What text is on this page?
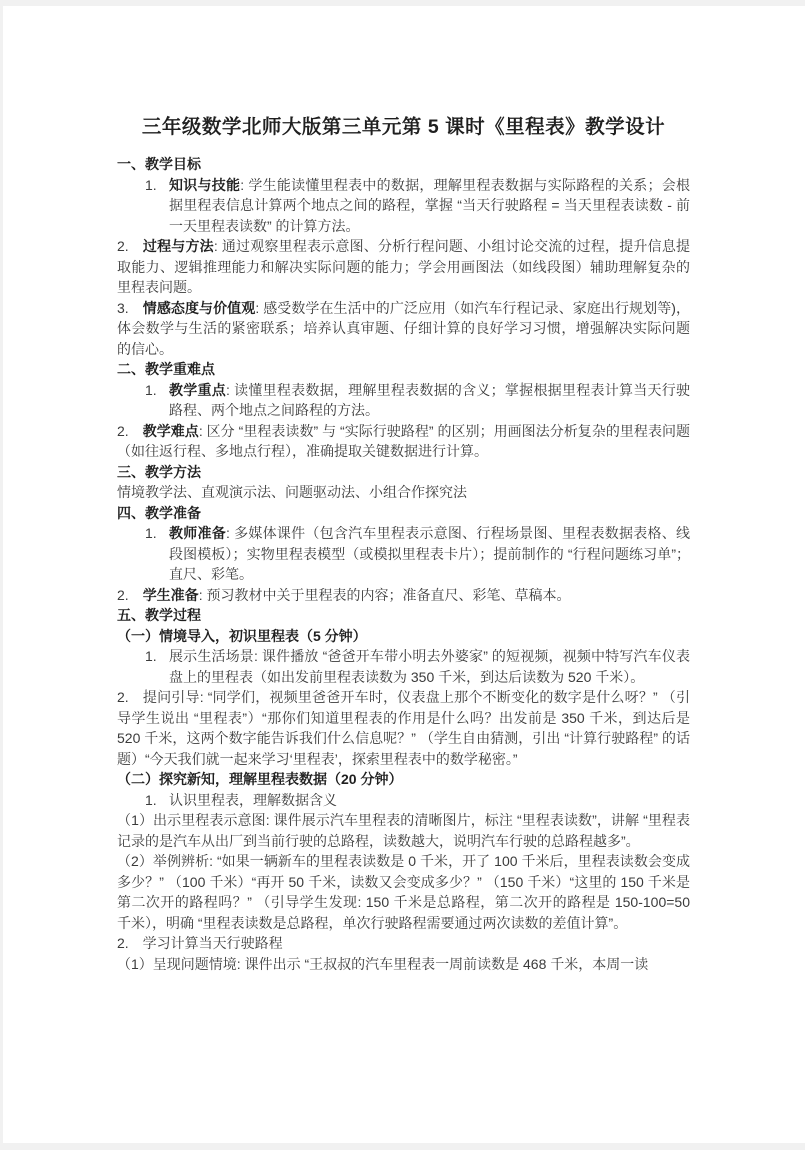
三年级数学北师大版第三单元第 5 课时《里程表》教学设计
一、教学目标
1. 知识与技能: 学生能读懂里程表中的数据，理解里程表数据与实际路程的关系；会根据里程表信息计算两个地点之间的路程，掌握 “当天行驶路程 = 当天里程表读数 - 前一天里程表读数” 的计算方法。
2.  过程与方法: 通过观察里程表示意图、分析行程问题、小组讨论交流的过程，提升信息提取能力、逻辑推理能力和解决实际问题的能力；学会用画图法（如线段图）辅助理解复杂的里程表问题。
3.  情感态度与价值观: 感受数学在生活中的广泛应用（如汽车行程记录、家庭出行规划等)，体会数学与生活的紧密联系；培养认真审题、仔细计算的良好学习习惯，增强解决实际问题的信心。
二、教学重难点
1. 教学重点: 读懂里程表数据，理解里程表数据的含义；掌握根据里程表计算当天行驶路程、两个地点之间路程的方法。
2.  教学难点: 区分 “里程表读数” 与 “实际行驶路程” 的区别；用画图法分析复杂的里程表问题（如往返行程、多地点行程），准确提取关键数据进行计算。
三、教学方法
情境教学法、直观演示法、问题驱动法、小组合作探究法
四、教学准备
1. 教师准备: 多媒体课件（包含汽车里程表示意图、行程场景图、里程表数据表格、线段图模板）；实物里程表模型（或模拟里程表卡片）；提前制作的 “行程问题练习单”；直尺、彩笔。
2.  学生准备: 预习教材中关于里程表的内容；准备直尺、彩笔、草稿本。
五、教学过程
（一）情境导入，初识里程表（5 分钟）
1. 展示生活场景: 课件播放 “爸爸开车带小明去外婆家” 的短视频，视频中特写汽车仪表盘上的里程表（如出发前里程表读数为 350 千米，到达后读数为 520 千米）。
2.  提问引导: “同学们，视频里爸爸开车时，仪表盘上那个不断变化的数字是什么呀？” （引导学生说出 “里程表”）“那你们知道里程表的作用是什么吗？出发前是 350 千米，到达后是 520 千米，这两个数字能告诉我们什么信息呢？” （学生自由猜测，引出 “计算行驶路程” 的话题）“今天我们就一起来学习‘里程表’，探索里程表中的数学秘密。”
（二）探究新知，理解里程表数据（20 分钟）
1. 认识里程表，理解数据含义
（1）出示里程表示意图: 课件展示汽车里程表的清晰图片，标注 “里程表读数”，讲解 “里程表记录的是汽车从出厂到当前行驶的总路程，读数越大，说明汽车行驶的总路程越多”。
（2）举例辨析: “如果一辆新车的里程表读数是 0 千米，开了 100 千米后，里程表读数会变成多少？” （100 千米）“再开 50 千米，读数又会变成多少？” （150 千米）“这里的 150 千米是第二次开的路程吗？” （引导学生发现: 150 千米是总路程，第二次开的路程是 150-100=50 千米），明确 “里程表读数是总路程，单次行驶路程需要通过两次读数的差值计算”。
2.  学习计算当天行驶路程
（1）呈现问题情境: 课件出示 “王叔叔的汽车里程表一周前读数是 468 千米，本周一读
